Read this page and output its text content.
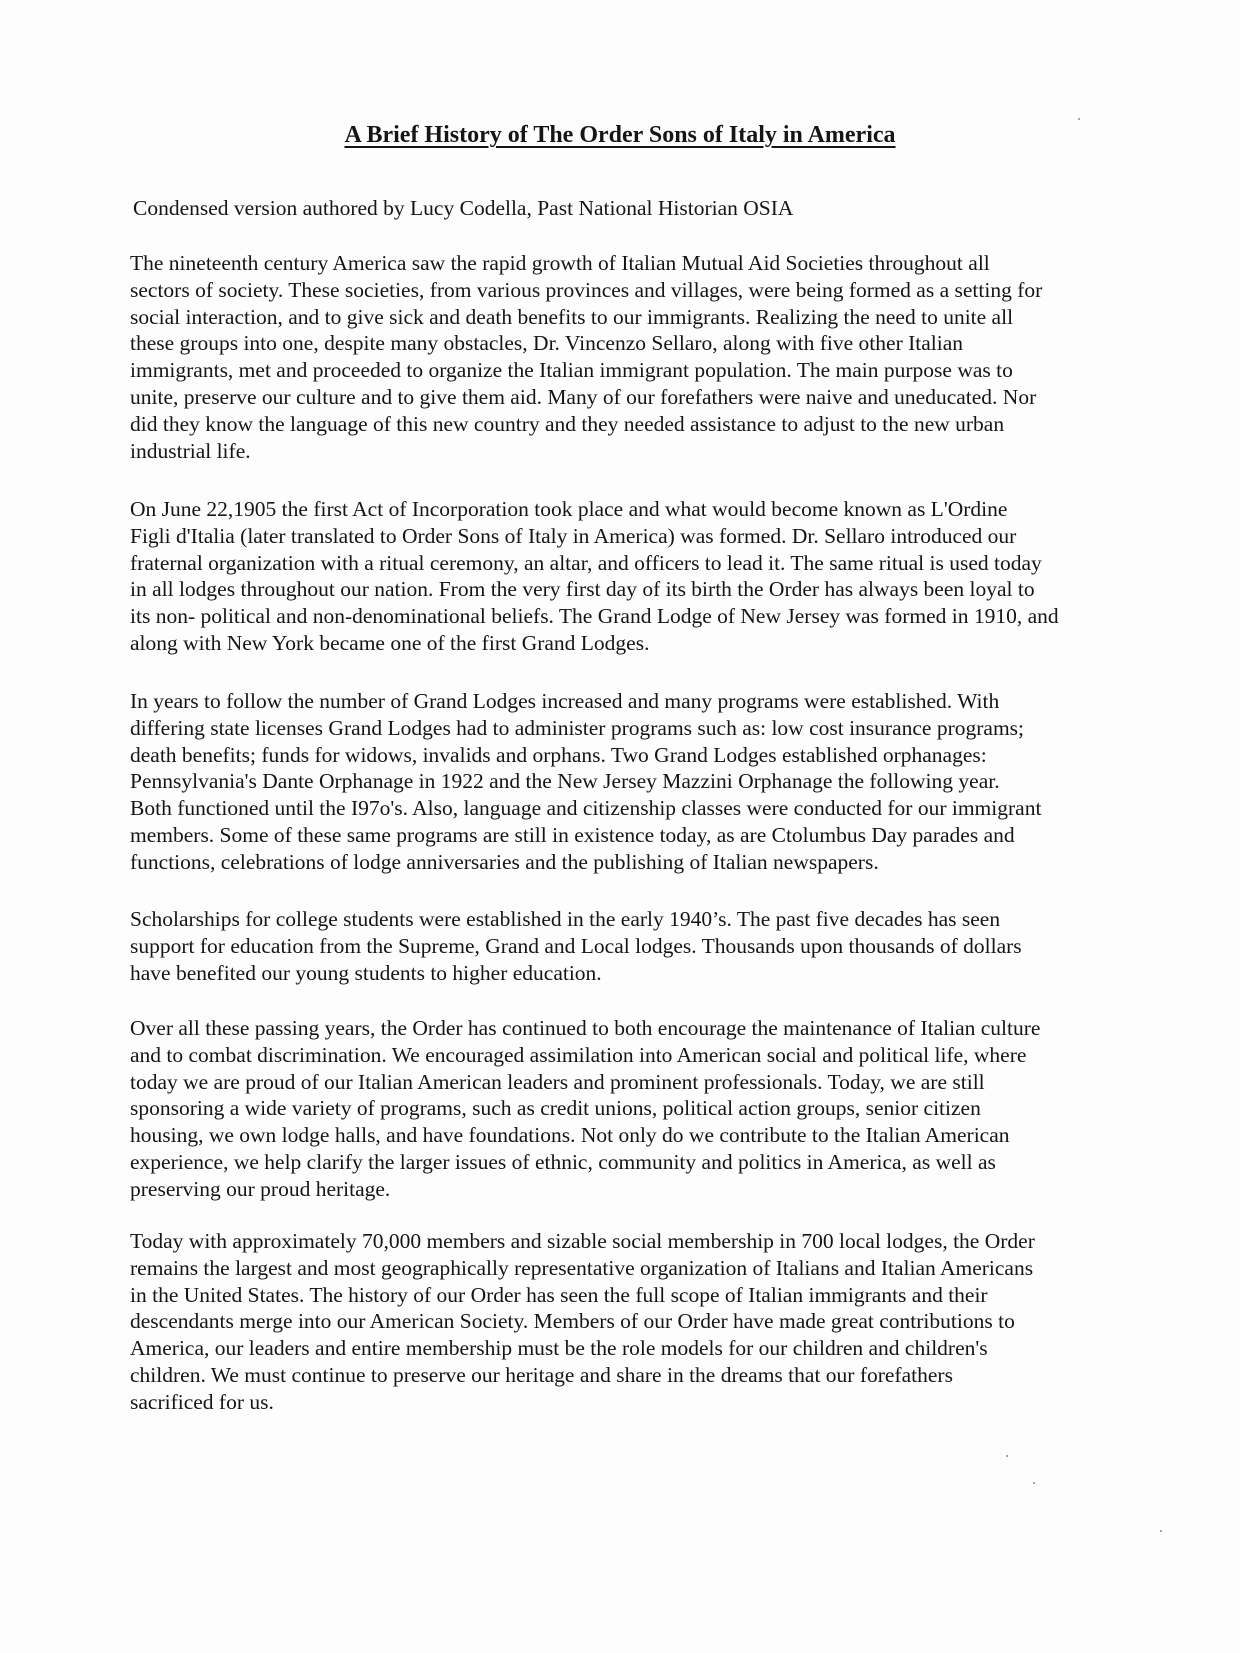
A Brief History of The Order Sons of Italy in America
Condensed version authored by Lucy Codella, Past National Historian OSIA
The nineteenth century America saw the rapid growth of Italian Mutual Aid Societies throughout all
sectors of society. These societies, from various provinces and villages, were being formed as a setting for
social interaction, and to give sick and death benefits to our immigrants. Realizing the need to unite all
these groups into one, despite many obstacles, Dr. Vincenzo Sellaro, along with five other Italian
immigrants, met and proceeded to organize the Italian immigrant population. The main purpose was to
unite, preserve our culture and to give them aid. Many of our forefathers were naive and uneducated. Nor
did they know the language of this new country and they needed assistance to adjust to the new urban
industrial life.
On June 22,1905 the first Act of Incorporation took place and what would become known as L'Ordine
Figli d'Italia (later translated to Order Sons of Italy in America) was formed. Dr. Sellaro introduced our
fraternal organization with a ritual ceremony, an altar, and officers to lead it. The same ritual is used today
in all lodges throughout our nation. From the very first day of its birth the Order has always been loyal to
its non- political and non-denominational beliefs. The Grand Lodge of New Jersey was formed in 1910, and
along with New York became one of the first Grand Lodges.
In years to follow the number of Grand Lodges increased and many programs were established. With
differing state licenses Grand Lodges had to administer programs such as: low cost insurance programs;
death benefits; funds for widows, invalids and orphans. Two Grand Lodges established orphanages:
Pennsylvania's Dante Orphanage in 1922 and the New Jersey Mazzini Orphanage the following year.
Both functioned until the I97o's. Also, language and citizenship classes were conducted for our immigrant
members. Some of these same programs are still in existence today, as are Ctolumbus Day parades and
functions, celebrations of lodge anniversaries and the publishing of Italian newspapers.
Scholarships for college students were established in the early 1940’s. The past five decades has seen
support for education from the Supreme, Grand and Local lodges. Thousands upon thousands of dollars
have benefited our young students to higher education.
Over all these passing years, the Order has continued to both encourage the maintenance of Italian culture
and to combat discrimination. We encouraged assimilation into American social and political life, where
today we are proud of our Italian American leaders and prominent professionals. Today, we are still
sponsoring a wide variety of programs, such as credit unions, political action groups, senior citizen
housing, we own lodge halls, and have foundations. Not only do we contribute to the Italian American
experience, we help clarify the larger issues of ethnic, community and politics in America, as well as
preserving our proud heritage.
Today with approximately 70,000 members and sizable social membership in 700 local lodges, the Order
remains the largest and most geographically representative organization of Italians and Italian Americans
in the United States. The history of our Order has seen the full scope of Italian immigrants and their
descendants merge into our American Society. Members of our Order have made great contributions to
America, our leaders and entire membership must be the role models for our children and children's
children. We must continue to preserve our heritage and share in the dreams that our forefathers
sacrificed for us.
